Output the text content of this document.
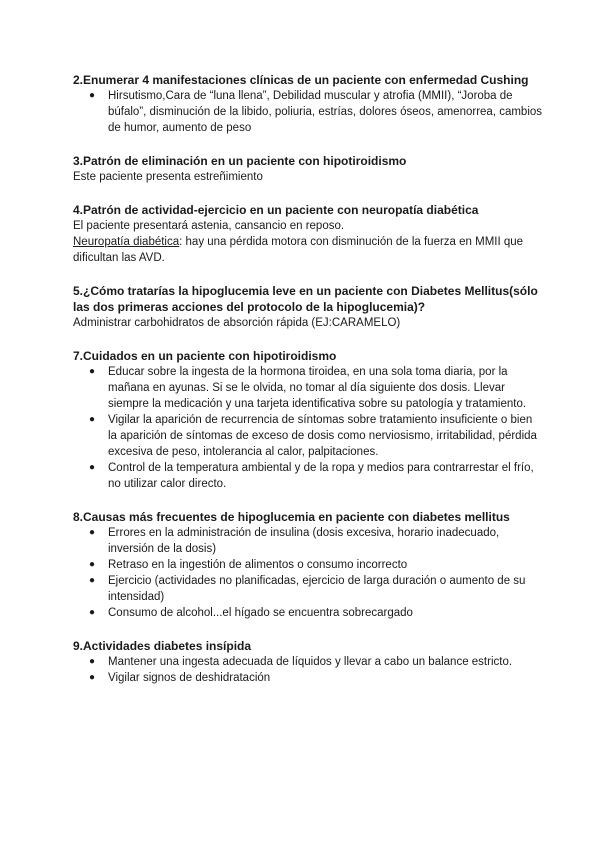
2.Enumerar 4 manifestaciones clínicas de un paciente con enfermedad Cushing

● Hirsutismo,Cara de “luna llena”, Debilidad muscular y atrofia (MMII), “Joroba de búfalo”, disminución de la libido, poliuria, estrías, dolores óseos, amenorrea, cambios de humor, aumento de peso

3.Patrón de eliminación en un paciente con hipotiroidismo

Este paciente presenta estreñimiento

4.Patrón de actividad-ejercicio en un paciente con neuropatía diabética

El paciente presentará astenia, cansancio en reposo.

Neuropatía diabética: hay una pérdida motora con disminución de la fuerza en MMII que dificultan las AVD.

5.¿Cómo tratarías la hipoglucemia leve en un paciente con Diabetes Mellitus(sólo las dos primeras acciones del protocolo de la hipoglucemia)?

Administrar carbohidratos de absorción rápida (EJ:CARAMELO)

7.Cuidados en un paciente con hipotiroidismo

● Educar sobre la ingesta de la hormona tiroidea, en una sola toma diaria, por la mañana en ayunas. Si se le olvida, no tomar al día siguiente dos dosis. Llevar siempre la medicación y una tarjeta identificativa sobre su patología y tratamiento.
● Vigilar la aparición de recurrencia de síntomas sobre tratamiento insuficiente o bien la aparición de síntomas de exceso de dosis como nerviosismo, irritabilidad, pérdida excesiva de peso, intolerancia al calor, palpitaciones.
● Control de la temperatura ambiental y de la ropa y medios para contrarrestar el frío, no utilizar calor directo.

8.Causas más frecuentes de hipoglucemia en paciente con diabetes mellitus

● Errores en la administración de insulina (dosis excesiva, horario inadecuado, inversión de la dosis)
● Retraso en la ingestión de alimentos o consumo incorrecto
● Ejercicio (actividades no planificadas, ejercicio de larga duración o aumento de su intensidad)
● Consumo de alcohol...el hígado se encuentra sobrecargado

9.Actividades diabetes insípida

● Mantener una ingesta adecuada de líquidos y llevar a cabo un balance estricto.
● Vigilar signos de deshidratación
